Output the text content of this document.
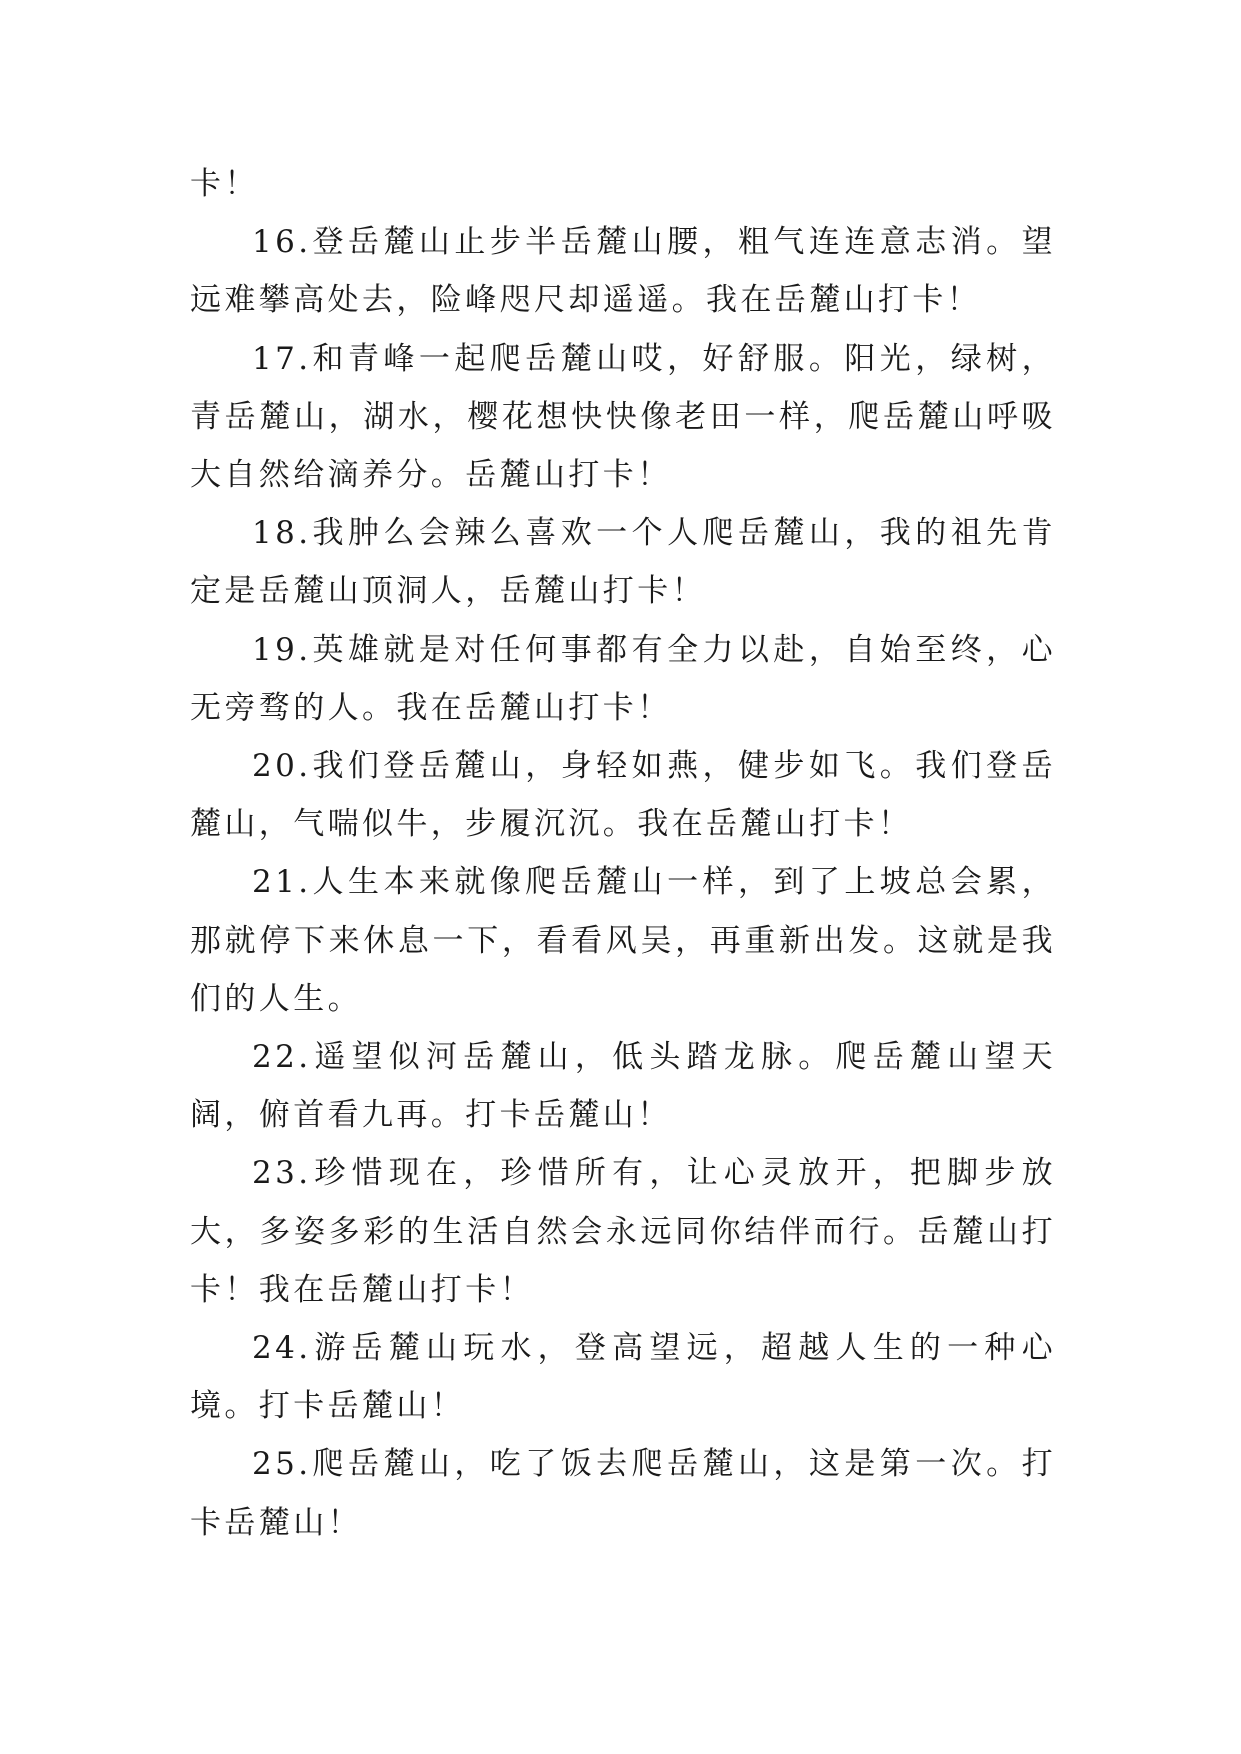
卡！

16.登岳麓山止步半岳麓山腰，粗气连连意志消。望远难攀高处去，险峰咫尺却遥遥。我在岳麓山打卡！

17.和青峰一起爬岳麓山哎，好舒服。阳光，绿树，青岳麓山，湖水，樱花想快快像老田一样，爬岳麓山呼吸大自然给滴养分。岳麓山打卡！

18.我肿么会辣么喜欢一个人爬岳麓山，我的祖先肯定是岳麓山顶洞人，岳麓山打卡！

19.英雄就是对任何事都有全力以赴，自始至终，心无旁骛的人。我在岳麓山打卡！

20.我们登岳麓山，身轻如燕，健步如飞。我们登岳麓山，气喘似牛，步履沉沉。我在岳麓山打卡！

21.人生本来就像爬岳麓山一样，到了上坡总会累，那就停下来休息一下，看看风吴，再重新出发。这就是我们的人生。

22.遥望似河岳麓山，低头踏龙脉。爬岳麓山望天阔，俯首看九再。打卡岳麓山！

23.珍惜现在，珍惜所有，让心灵放开，把脚步放大，多姿多彩的生活自然会永远同你结伴而行。岳麓山打卡！我在岳麓山打卡！

24.游岳麓山玩水，登高望远，超越人生的一种心境。打卡岳麓山！

25.爬岳麓山，吃了饭去爬岳麓山，这是第一次。打卡岳麓山！
